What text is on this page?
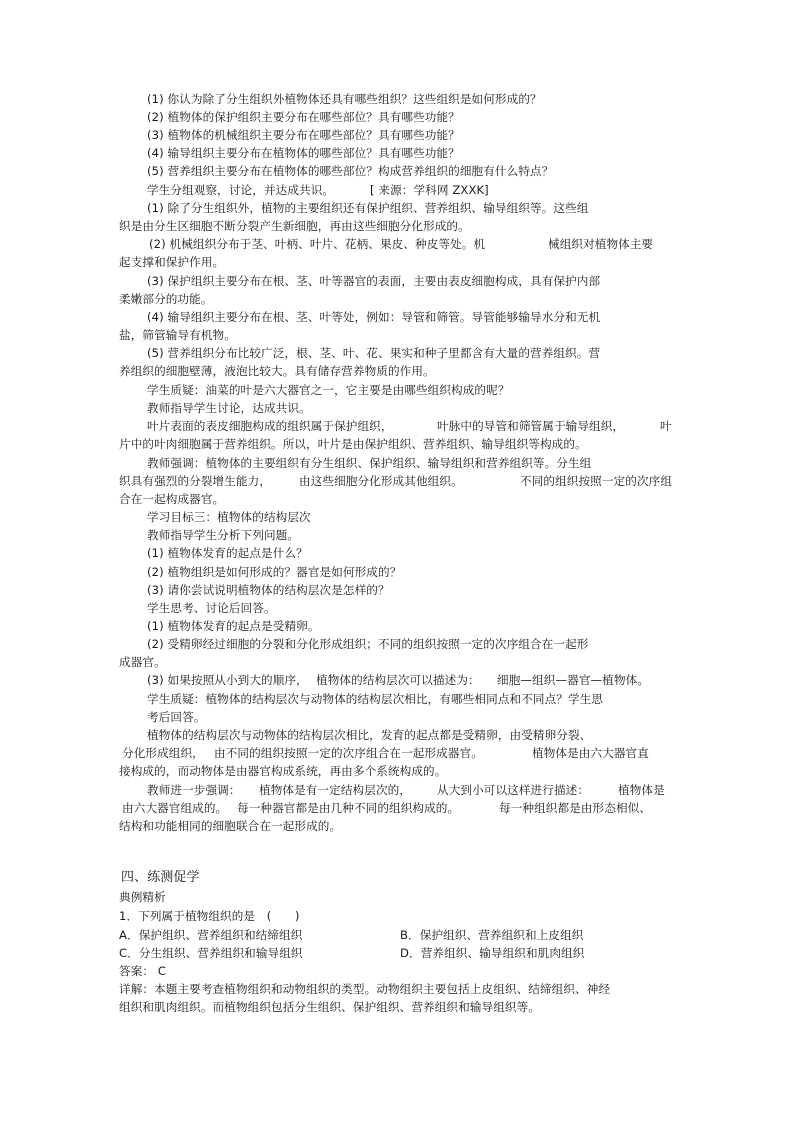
(1) 你认为除了分生组织外植物体还具有哪些组织？这些组织是如何形成的？
(2) 植物体的保护组织主要分布在哪些部位？具有哪些功能？
(3) 植物体的机械组织主要分布在哪些部位？具有哪些功能？
(4) 输导组织主要分布在植物体的哪些部位？具有哪些功能？
(5) 营养组织主要分布在植物体的哪些部位？构成营养组织的细胞有什么特点？
学生分组观察，讨论，并达成共识。	[ 来源：学科网 ZXXK]
(1) 除了分生组织外，植物的主要组织还有保护组织、营养组织、输导组织等。这些组
织是由分生区细胞不断分裂产生新细胞，再由这些细胞分化形成的。
(2) 机械组织分布于茎、叶柄、叶片、花柄、果皮、种皮等处。机	械组织对植物体主要
起支撑和保护作用。
(3) 保护组织主要分布在根、茎、叶等器官的表面，主要由表皮细胞构成，具有保护内部
柔嫩部分的功能。
(4) 输导组织主要分布在根、茎、叶等处，例如：导管和筛管。导管能够输导水分和无机
盐，筛管输导有机物。
(5) 营养组织分布比较广泛，根、茎、叶、花、果实和种子里都含有大量的营养组织。营
养组织的细胞壁薄，液泡比较大。具有储存营养物质的作用。
学生质疑：油菜的叶是六大器官之一，它主要是由哪些组织构成的呢？
教师指导学生讨论，达成共识。
叶片表面的表皮细胞构成的组织属于保护组织，	叶脉中的导管和筛管属于输导组织，	叶
片中的叶肉细胞属于营养组织。所以，叶片是由保护组织、营养组织、输导组织等构成的。
教师强调：植物体的主要组织有分生组织、保护组织、输导组织和营养组织等。分生组
织具有强烈的分裂增生能力， 由这些细胞分化形成其他组织。	不同的组织按照一定的次序组
合在一起构成器官。
学习目标三：植物体的结构层次
教师指导学生分析下列问题。
(1) 植物体发育的起点是什么？
(2) 植物组织是如何形成的？器官是如何形成的？
(3) 请你尝试说明植物体的结构层次是怎样的？
学生思考、讨论后回答。
(1) 植物体发育的起点是受精卵。
(2) 受精卵经过细胞的分裂和分化形成组织；不同的组织按照一定的次序组合在一起形
成器官。
(3) 如果按照从小到大的顺序， 植物体的结构层次可以描述为： 细胞—组织—器官—植物体。
学生质疑：植物体的结构层次与动物体的结构层次相比，有哪些相同点和不同点？学生思
考后回答。
植物体的结构层次与动物体的结构层次相比，发育的起点都是受精卵，由受精卵分裂、
分化形成组织， 由不同的组织按照一定的次序组合在一起形成器官。	植物体是由六大器官直
接构成的，而动物体是由器官构成系统，再由多个系统构成的。
教师进一步强调： 植物体是有一定结构层次的， 从大到小可以这样进行描述： 植物体是
由六大器官组成的。 每一种器官都是由几种不同的组织构成的。	每一种组织都是由形态相似、
结构和功能相同的细胞联合在一起形成的。
四、练测促学
典例精析
1．下列属于植物组织的是　(　　)
A．保护组织、营养组织和结缔组织	B．保护组织、营养组织和上皮组织
C．分生组织、营养组织和输导组织	D．营养组织、输导组织和肌肉组织
答案： C
详解：本题主要考查植物组织和动物组织的类型。动物组织主要包括上皮组织、结缔组织、神经
组织和肌肉组织。而植物组织包括分生组织、保护组织、营养组织和输导组织等。
